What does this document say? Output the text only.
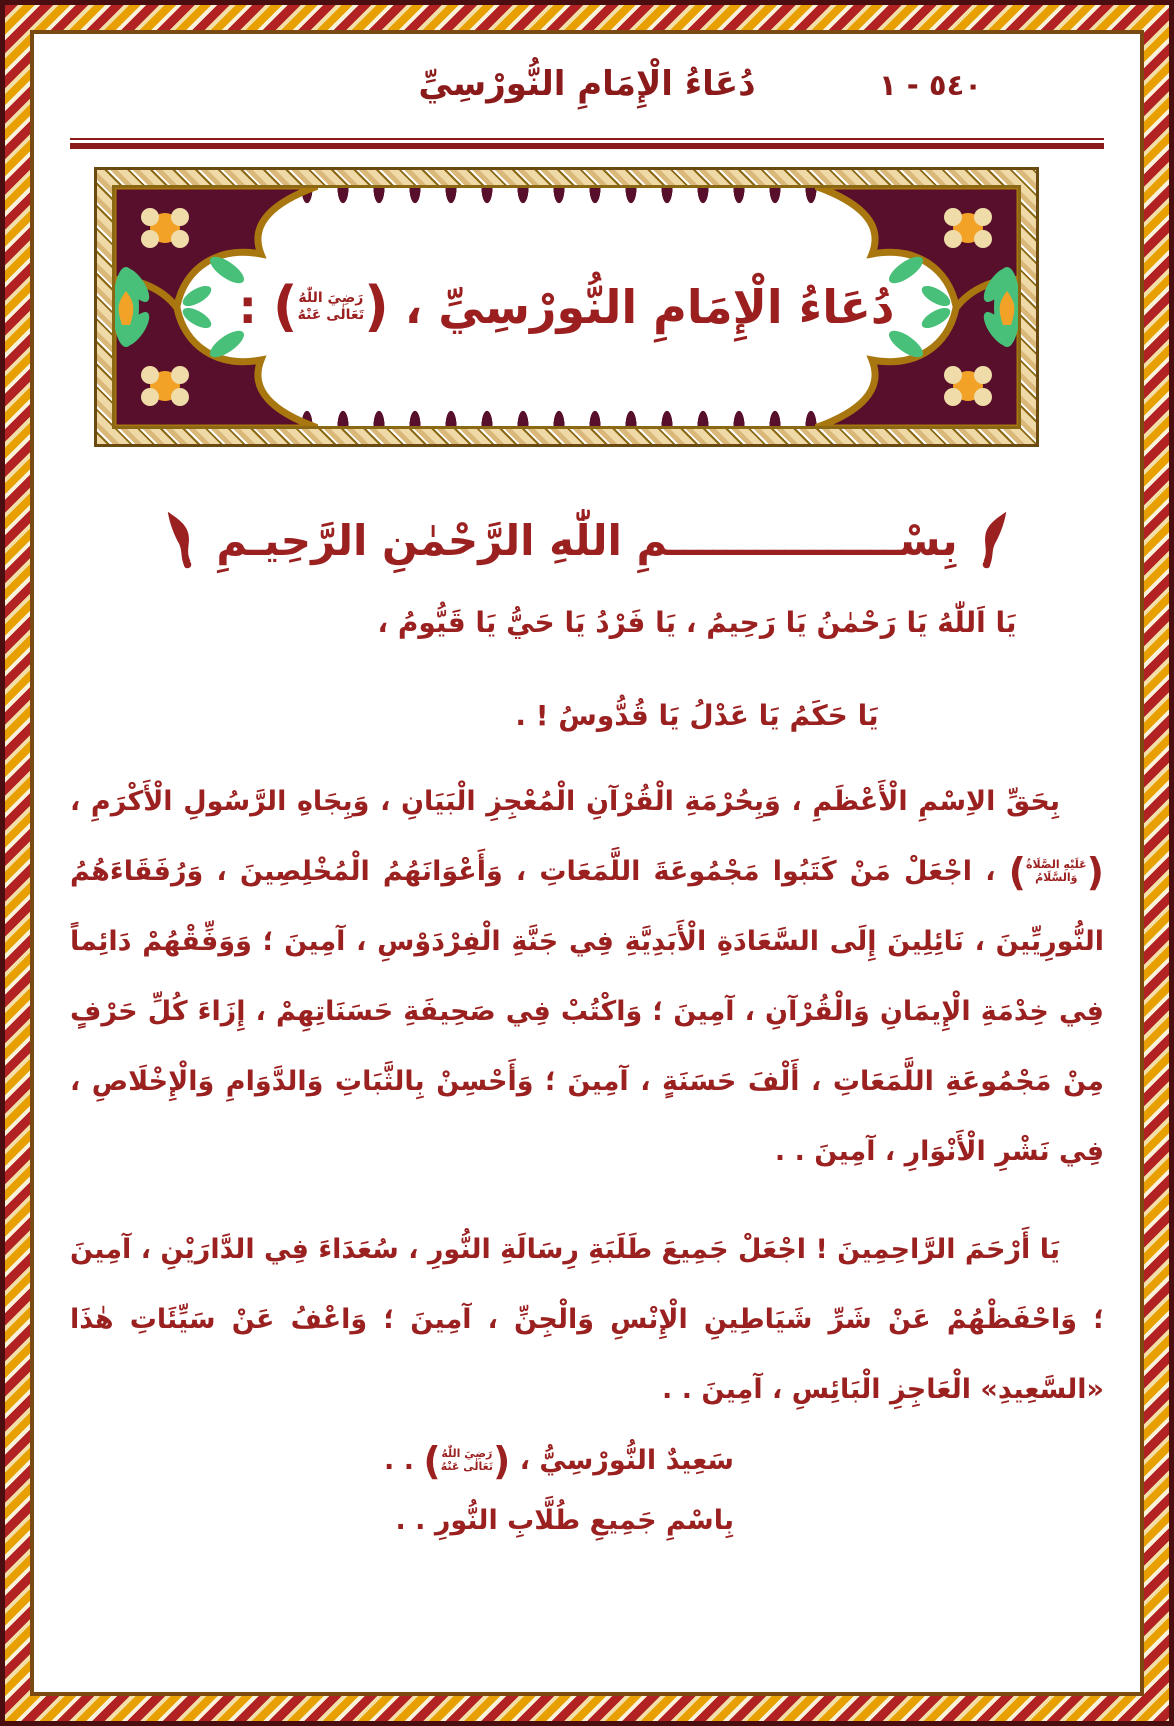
دُعَاءُ الْإِمَامِ النُّورْسِيِّ	٥٤٠ - ١
دُعَاءُ الْإِمَامِ النُّورْسِيِّ ،
(
رَضِيَ اللّٰهُ
تَعَالٰى عَنْهُ
)
:
بِسْــــــــــــــــمِ اللّٰهِ الرَّحْمٰنِ الرَّحِيـمِ

يَا اَللّٰهُ يَا رَحْمٰنُ يَا رَحِيمُ ، يَا فَرْدُ يَا حَيُّ يَا قَيُّومُ ،

يَا حَكَمُ يَا عَدْلُ يَا قُدُّوسُ ! .

بِحَقِّ الاِسْمِ الْأَعْظَمِ ، وَبِحُرْمَةِ الْقُرْآنِ الْمُعْجِزِ الْبَيَانِ ، وَبِجَاهِ الرَّسُولِ الْأَكْرَمِ ،
(
عَلَيْهِ الصَّلَاةُ
وَالسَّلَامُ
)
، اجْعَلْ مَنْ كَتَبُوا مَجْمُوعَةَ اللَّمَعَاتِ ، وَأَعْوَانَهُمُ الْمُخْلِصِينَ ، وَرُفَقَاءَهُمُ النُّورِيِّينَ ، نَائِلِينَ إِلَى السَّعَادَةِ الْأَبَدِيَّةِ فِي جَنَّةِ الْفِرْدَوْسِ ، آمِينَ ؛ وَوَفِّقْهُمْ دَائِماً فِي خِدْمَةِ الْإِيمَانِ وَالْقُرْآنِ ، آمِينَ ؛ وَاكْتُبْ فِي صَحِيفَةِ حَسَنَاتِهِمْ ، إِزَاءَ كُلِّ حَرْفٍ مِنْ مَجْمُوعَةِ اللَّمَعَاتِ ، أَلْفَ حَسَنَةٍ ، آمِينَ ؛ وَأَحْسِنْ بِالثَّبَاتِ وَالدَّوَامِ وَالْإِخْلَاصِ ، فِي نَشْرِ الْأَنْوَارِ ، آمِينَ . .

يَا أَرْحَمَ الرَّاحِمِينَ ! اجْعَلْ جَمِيعَ طَلَبَةِ رِسَالَةِ النُّورِ ، سُعَدَاءَ فِي الدَّارَيْنِ ، آمِينَ ؛ وَاحْفَظْهُمْ عَنْ شَرِّ شَيَاطِينِ الْإِنْسِ وَالْجِنِّ ، آمِينَ ؛ وَاعْفُ عَنْ سَيِّئَاتِ هٰذَا «السَّعِيدِ» الْعَاجِزِ الْبَائِسِ ، آمِينَ . .

سَعِيدٌ النُّورْسِيُّ ،
(
رَضِيَ اللّٰهُ
تَعَالٰى عَنْهُ
)
. .
بِاسْمِ جَمِيعِ طُلَّابِ النُّورِ . .
